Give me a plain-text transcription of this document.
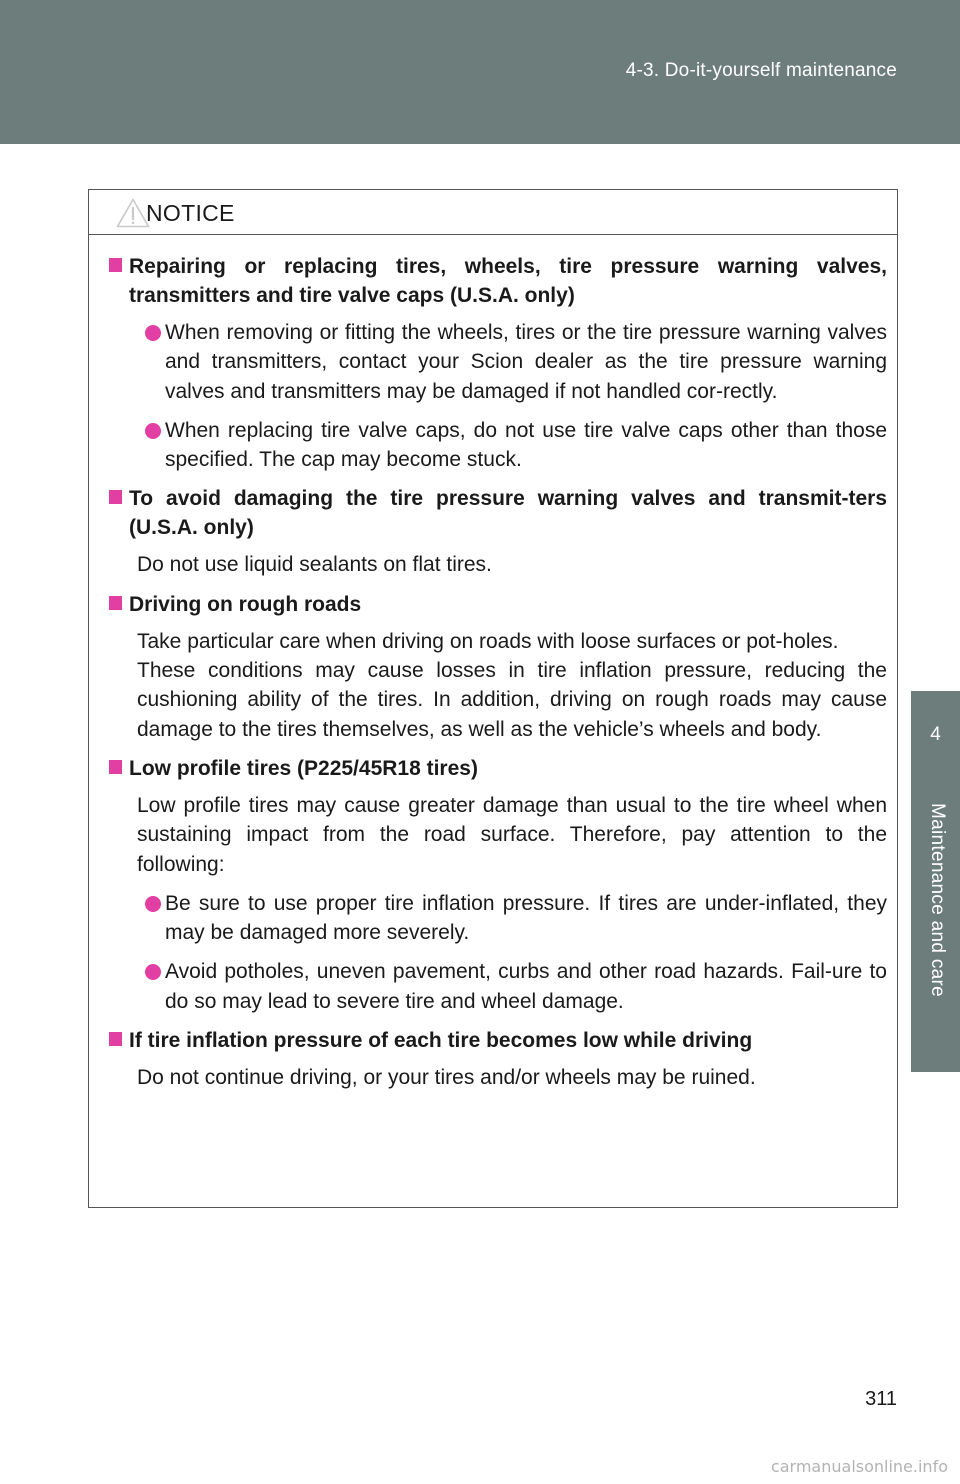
4-3. Do-it-yourself maintenance
4
Maintenance and care
NOTICE

Repairing or replacing tires, wheels, tire pressure warning valves, transmitters and tire valve caps (U.S.A. only)

When removing or fitting the wheels, tires or the tire pressure warning valves and transmitters, contact your Scion dealer as the tire pressure warning valves and transmitters may be damaged if not handled cor-rectly.

When replacing tire valve caps, do not use tire valve caps other than those specified. The cap may become stuck.

To avoid damaging the tire pressure warning valves and transmit-ters (U.S.A. only)

Do not use liquid sealants on flat tires.

Driving on rough roads

Take particular care when driving on roads with loose surfaces or pot-holes.

These conditions may cause losses in tire inflation pressure, reducing the cushioning ability of the tires. In addition, driving on rough roads may cause damage to the tires themselves, as well as the vehicle’s wheels and body.

Low profile tires (P225/45R18 tires)

Low profile tires may cause greater damage than usual to the tire wheel when sustaining impact from the road surface. Therefore, pay attention to the following:

Be sure to use proper tire inflation pressure. If tires are under-inflated, they may be damaged more severely.

Avoid potholes, uneven pavement, curbs and other road hazards. Fail-ure to do so may lead to severe tire and wheel damage.

If tire inflation pressure of each tire becomes low while driving

Do not continue driving, or your tires and/or wheels may be ruined.

311
carmanualsonline.info
